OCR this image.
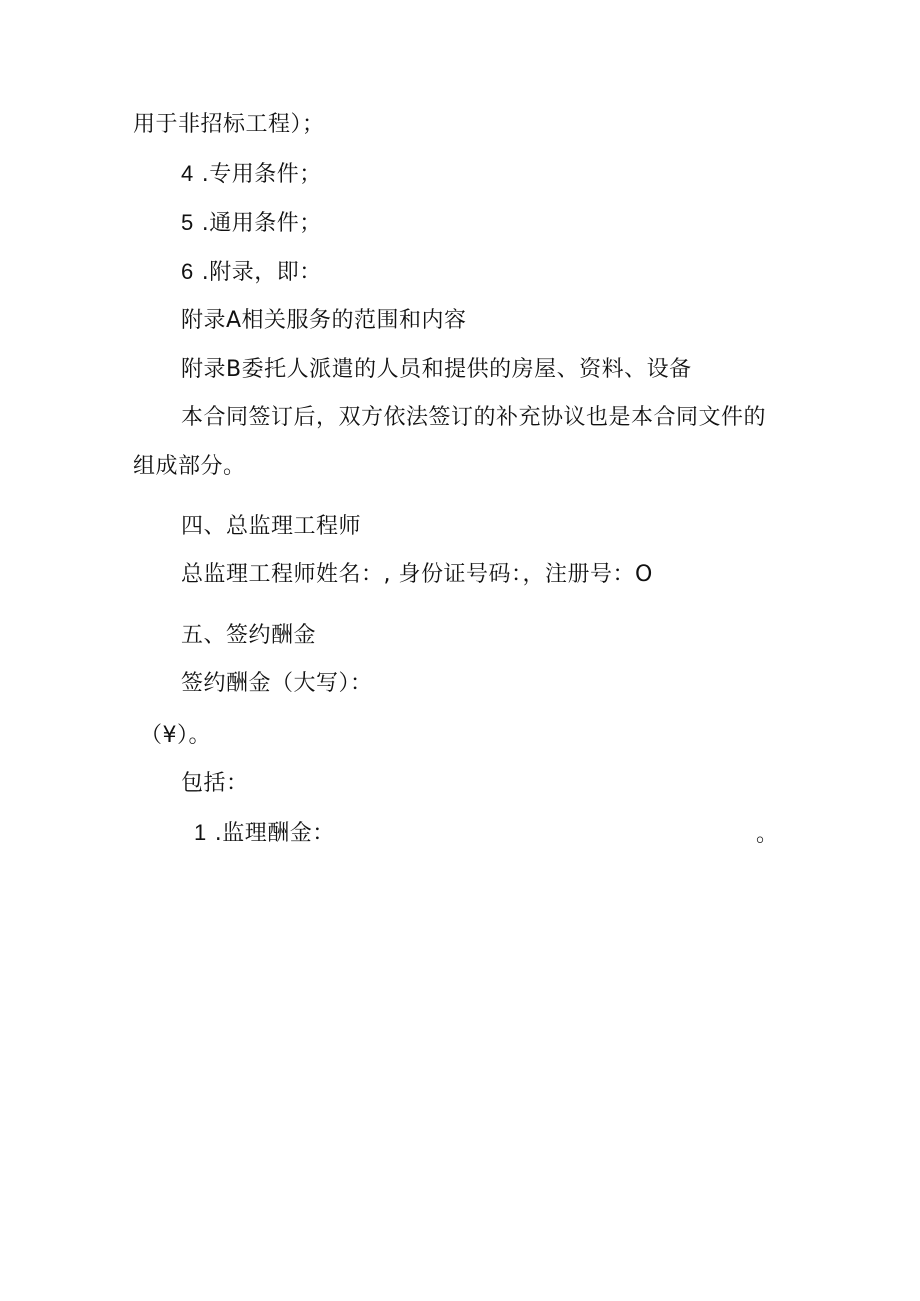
用于非招标工程）；
4 .专用条件；
5 .通用条件；
6 .附录，即：
附录A相关服务的范围和内容
附录B委托人派遣的人员和提供的房屋、资料、设备
本合同签订后，双方依法签订的补充协议也是本合同文件的
组成部分。
四、总监理工程师
总监理工程师姓名：, 身份证号码：，注册号：O
五、签约酬金
签约酬金（大写）：
（¥）。
包括：
1 .监理酬金：	。
